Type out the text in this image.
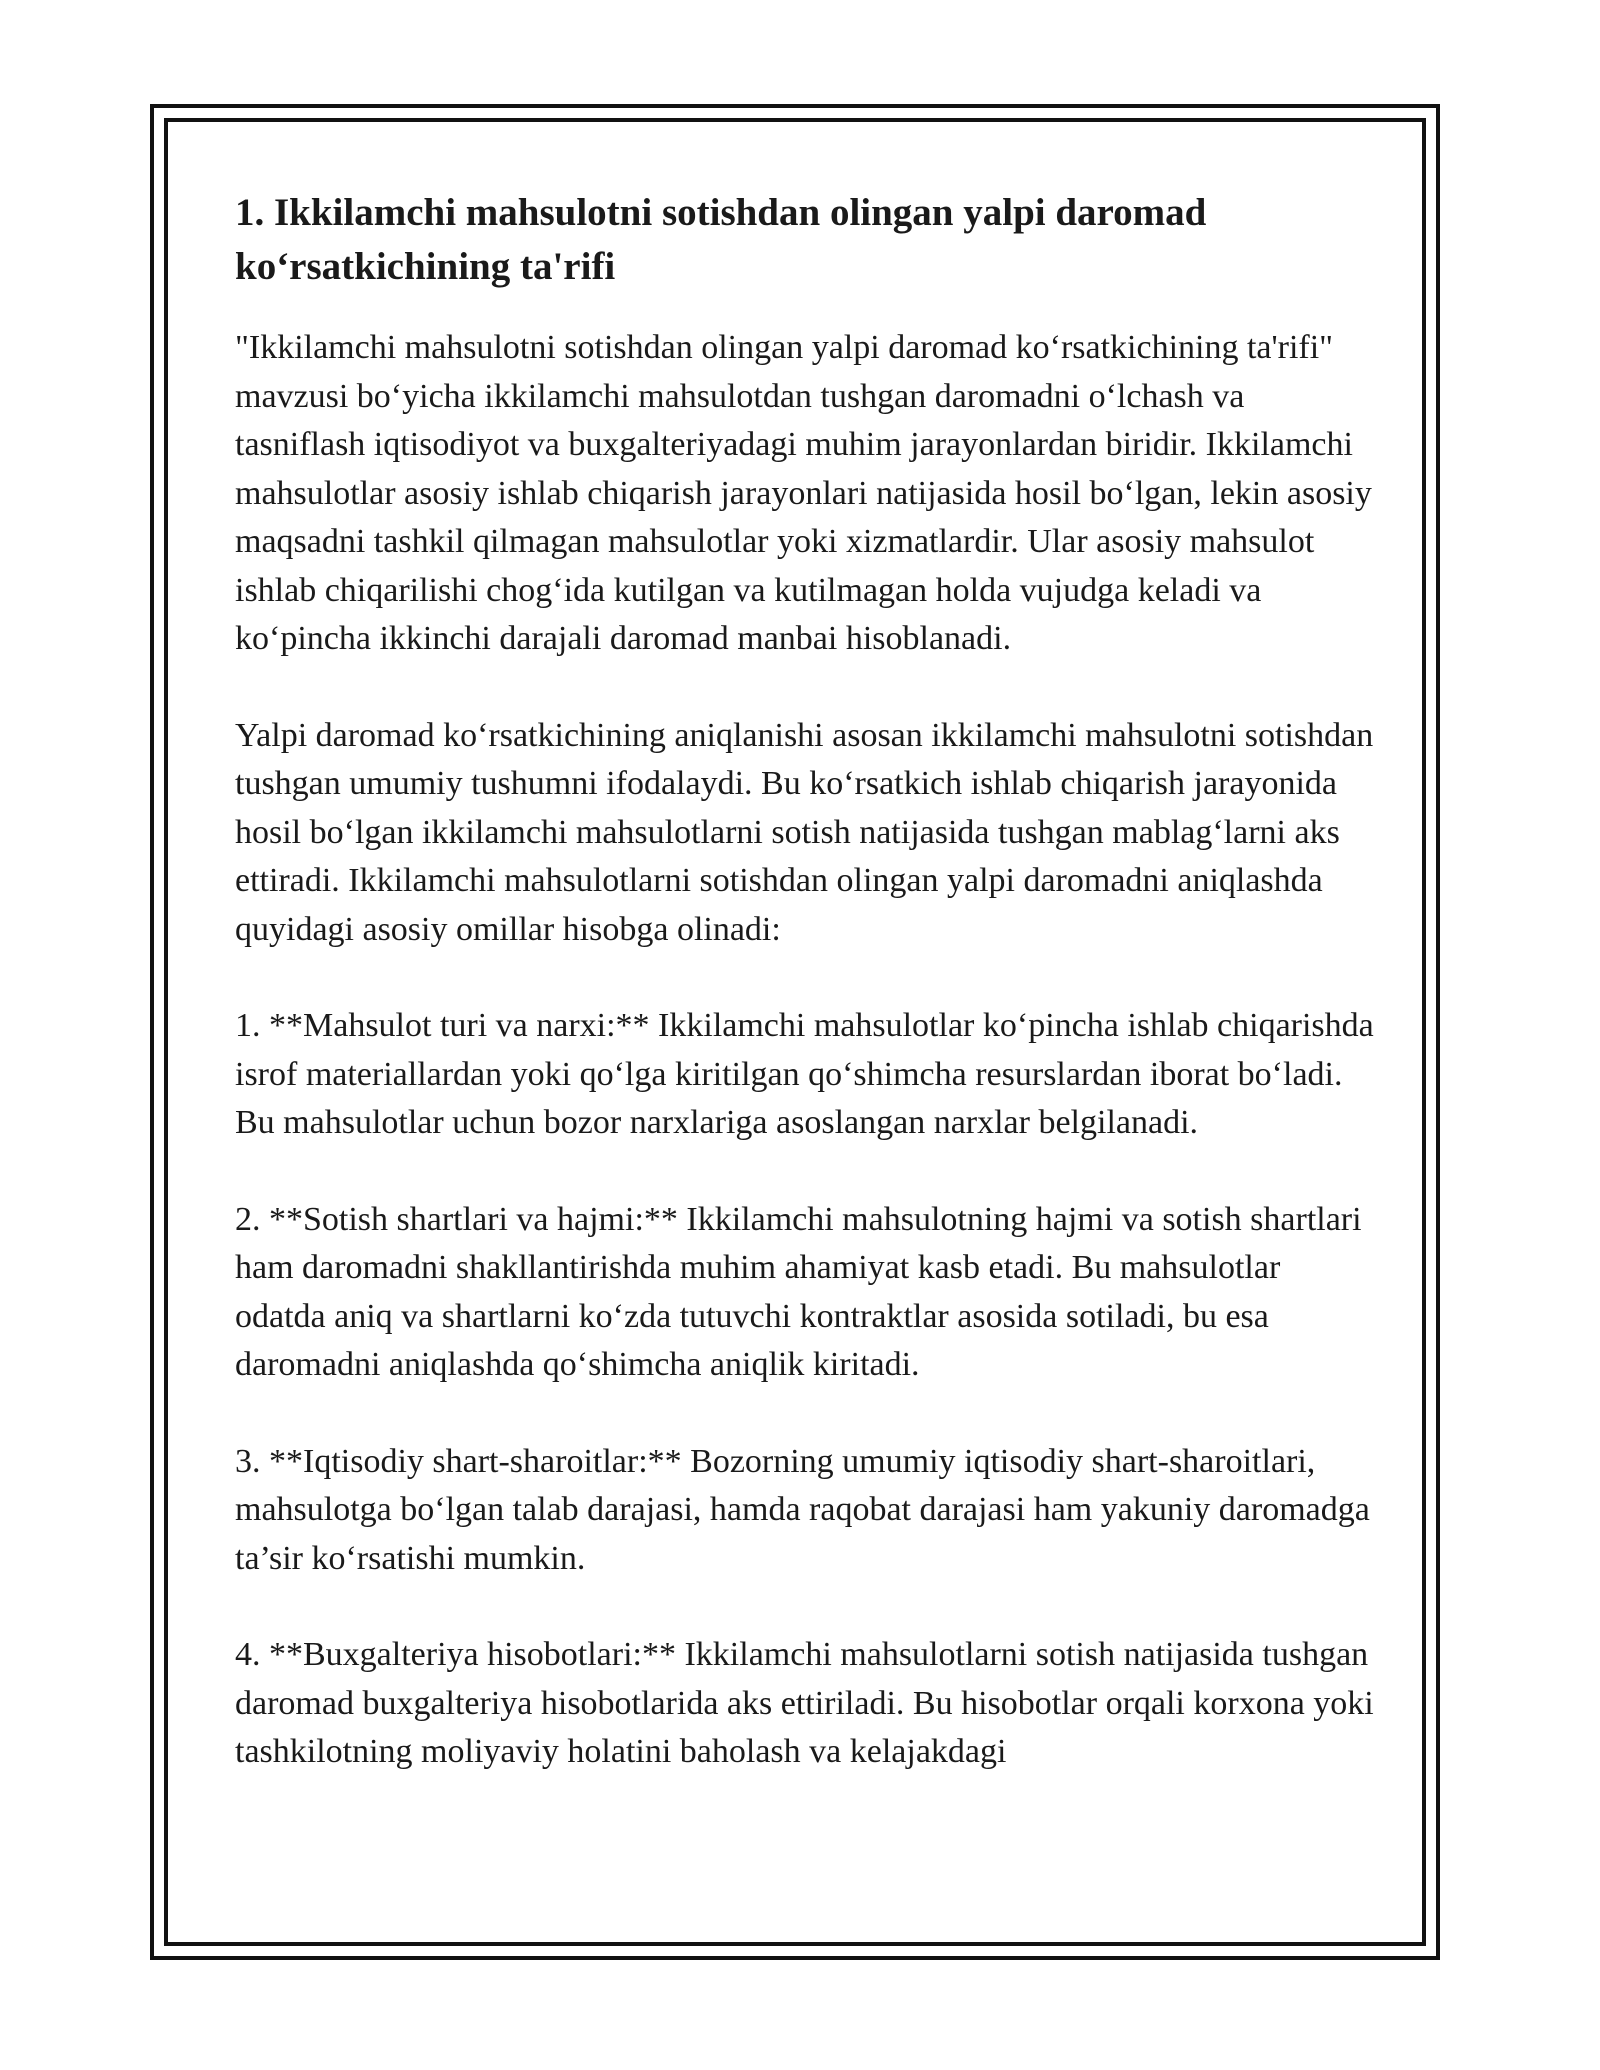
1. Ikkilamchi mahsulotni sotishdan olingan yalpi daromad ko‘rsatkichining ta'rifi

"Ikkilamchi mahsulotni sotishdan olingan yalpi daromad ko‘rsatkichining ta'rifi" mavzusi bo‘yicha ikkilamchi mahsulotdan tushgan daromadni o‘lchash va tasniflash iqtisodiyot va buxgalteriyadagi muhim jarayonlardan biridir. Ikkilamchi mahsulotlar asosiy ishlab chiqarish jarayonlari natijasida hosil bo‘lgan, lekin asosiy maqsadni tashkil qilmagan mahsulotlar yoki xizmatlardir. Ular asosiy mahsulot ishlab chiqarilishi chog‘ida kutilgan va kutilmagan holda vujudga keladi va ko‘pincha ikkinchi darajali daromad manbai hisoblanadi.

Yalpi daromad ko‘rsatkichining aniqlanishi asosan ikkilamchi mahsulotni sotishdan tushgan umumiy tushumni ifodalaydi. Bu ko‘rsatkich ishlab chiqarish jarayonida hosil bo‘lgan ikkilamchi mahsulotlarni sotish natijasida tushgan mablag‘larni aks ettiradi. Ikkilamchi mahsulotlarni sotishdan olingan yalpi daromadni aniqlashda quyidagi asosiy omillar hisobga olinadi:

1. **Mahsulot turi va narxi:** Ikkilamchi mahsulotlar ko‘pincha ishlab chiqarishda isrof materiallardan yoki qo‘lga kiritilgan qo‘shimcha resurslardan iborat bo‘ladi. Bu mahsulotlar uchun bozor narxlariga asoslangan narxlar belgilanadi.

2. **Sotish shartlari va hajmi:** Ikkilamchi mahsulotning hajmi va sotish shartlari ham daromadni shakllantirishda muhim ahamiyat kasb etadi. Bu mahsulotlar odatda aniq va shartlarni ko‘zda tutuvchi kontraktlar asosida sotiladi, bu esa daromadni aniqlashda qo‘shimcha aniqlik kiritadi.

3. **Iqtisodiy shart-sharoitlar:** Bozorning umumiy iqtisodiy shart-sharoitlari, mahsulotga bo‘lgan talab darajasi, hamda raqobat darajasi ham yakuniy daromadga ta’sir ko‘rsatishi mumkin.

4. **Buxgalteriya hisobotlari:** Ikkilamchi mahsulotlarni sotish natijasida tushgan daromad buxgalteriya hisobotlarida aks ettiriladi. Bu hisobotlar orqali korxona yoki tashkilotning moliyaviy holatini baholash va kelajakdagi
